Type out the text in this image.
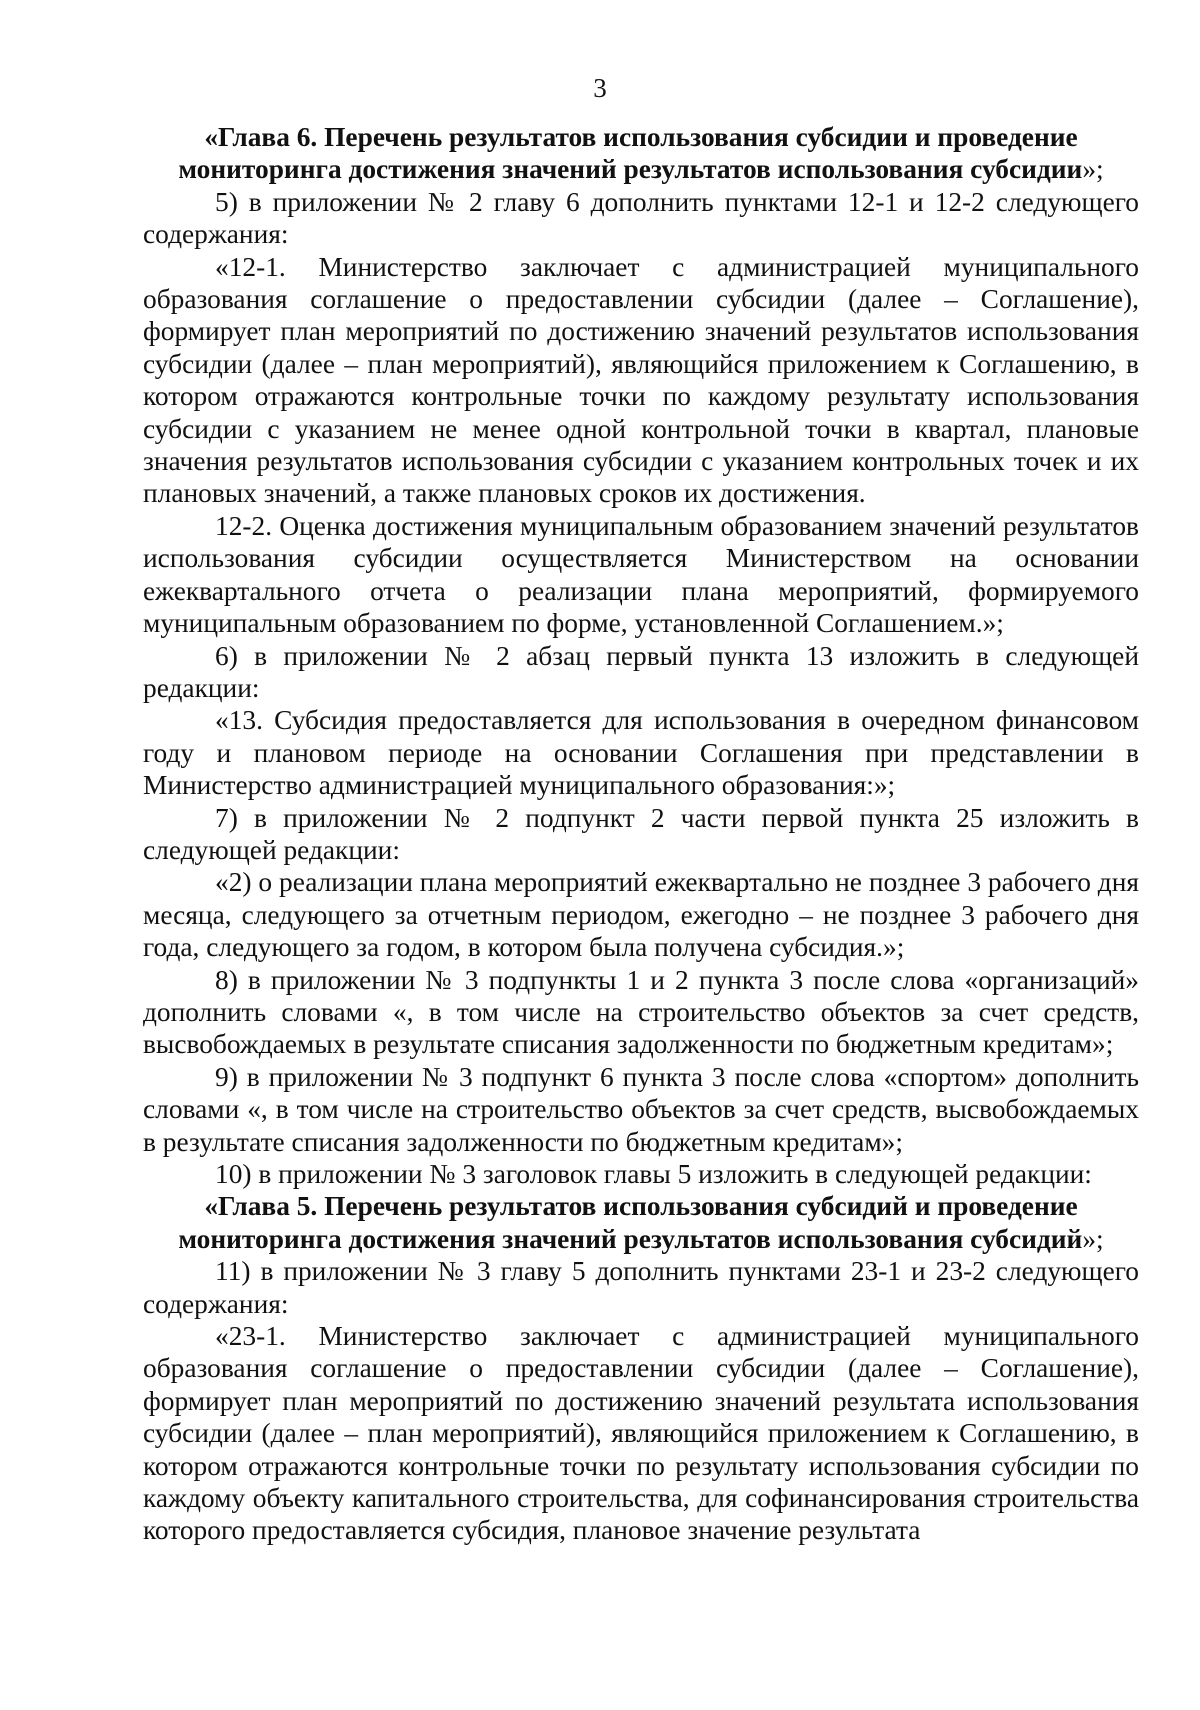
3

«Глава 6. Перечень результатов использования субсидии и проведение мониторинга достижения значений результатов использования субсидии»;

5) в приложении № 2 главу 6 дополнить пунктами 12-1 и 12-2 следующего содержания:

«12-1. Министерство заключает с администрацией муниципального образования соглашение о предоставлении субсидии (далее – Соглашение), формирует план мероприятий по достижению значений результатов использования субсидии (далее – план мероприятий), являющийся приложением к Соглашению, в котором отражаются контрольные точки по каждому результату использования субсидии с указанием не менее одной контрольной точки в квартал, плановые значения результатов использования субсидии с указанием контрольных точек и их плановых значений, а также плановых сроков их достижения.

12-2. Оценка достижения муниципальным образованием значений результатов использования субсидии осуществляется Министерством на основании ежеквартального отчета о реализации плана мероприятий, формируемого муниципальным образованием по форме, установленной Соглашением.»;

6) в приложении № 2 абзац первый пункта 13 изложить в следующей редакции:

«13. Субсидия предоставляется для использования в очередном финансовом году и плановом периоде на основании Соглашения при представлении в Министерство администрацией муниципального образования:»;

7) в приложении № 2 подпункт 2 части первой пункта 25 изложить в следующей редакции:

«2) о реализации плана мероприятий ежеквартально не позднее 3 рабочего дня месяца, следующего за отчетным периодом, ежегодно – не позднее 3 рабочего дня года, следующего за годом, в котором была получена субсидия.»;

8) в приложении № 3 подпункты 1 и 2 пункта 3 после слова «организаций» дополнить словами «, в том числе на строительство объектов за счет средств, высвобождаемых в результате списания задолженности по бюджетным кредитам»;

9) в приложении № 3 подпункт 6 пункта 3 после слова «спортом» дополнить словами «, в том числе на строительство объектов за счет средств, высвобождаемых в результате списания задолженности по бюджетным кредитам»;

10) в приложении № 3 заголовок главы 5 изложить в следующей редакции:

«Глава 5. Перечень результатов использования субсидий и проведение мониторинга достижения значений результатов использования субсидий»;

11) в приложении № 3 главу 5 дополнить пунктами 23-1 и 23-2 следующего содержания:

«23-1. Министерство заключает с администрацией муниципального образования соглашение о предоставлении субсидии (далее – Соглашение), формирует план мероприятий по достижению значений результата использования субсидии (далее – план мероприятий), являющийся приложением к Соглашению, в котором отражаются контрольные точки по результату использования субсидии по каждому объекту капитального строительства, для софинансирования строительства которого предоставляется субсидия, плановое значение результата
